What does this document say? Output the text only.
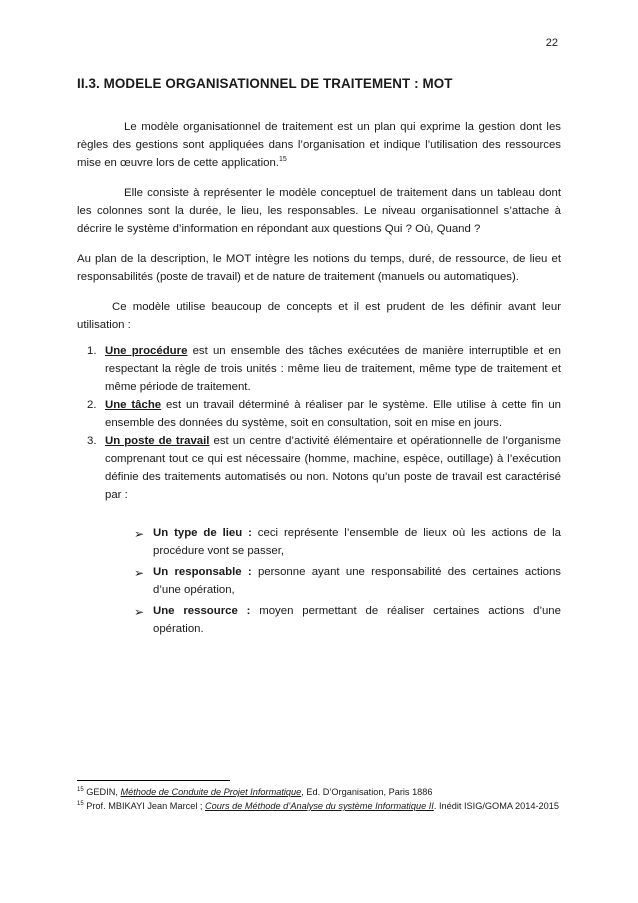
22
II.3. MODELE ORGANISATIONNEL DE TRAITEMENT : MOT

Le modèle organisationnel de traitement est un plan qui exprime la gestion dont les règles des gestions sont appliquées dans l’organisation et indique l’utilisation des ressources mise en œuvre lors de cette application.$^{15}$

Elle consiste à représenter le modèle conceptuel de traitement dans un tableau dont les colonnes sont la durée, le lieu, les responsables. Le niveau organisationnel s’attache à décrire le système d’information en répondant aux questions Qui ? Où, Quand ?

Au plan de la description, le MOT intègre les notions du temps, duré, de ressource, de lieu et responsabilités (poste de travail) et de nature de traitement (manuels ou automatiques).

Ce modèle utilise beaucoup de concepts et il est prudent de les définir avant leur utilisation :

1. Une procédure est un ensemble des tâches exécutées de manière interruptible et en respectant la règle de trois unités : même lieu de traitement, même type de traitement et même période de traitement.
2. Une tâche est un travail déterminé à réaliser par le système. Elle utilise à cette fin un ensemble des données du système, soit en consultation, soit en mise en jours.
3. Un poste de travail est un centre d’activité élémentaire et opérationnelle de l’organisme comprenant tout ce qui est nécessaire (homme, machine, espèce, outillage) à l’exécution définie des traitements automatisés ou non. Notons qu’un poste de travail est caractérisé par :
➢ Un type de lieu : ceci représente l’ensemble de lieux où les actions de la procédure vont se passer,
➢ Un responsable : personne ayant une responsabilité des certaines actions d’une opération,
➢ Une ressource : moyen permettant de réaliser certaines actions d’une opération.
$^{15}$ GEDIN, Méthode de Conduite de Projet Informatique, Ed. D’Organisation, Paris 1886
$^{15}$ Prof. MBIKAYI Jean Marcel ; Cours de Méthode d’Analyse du système Informatique II. Inédit ISIG/GOMA 2014-2015
